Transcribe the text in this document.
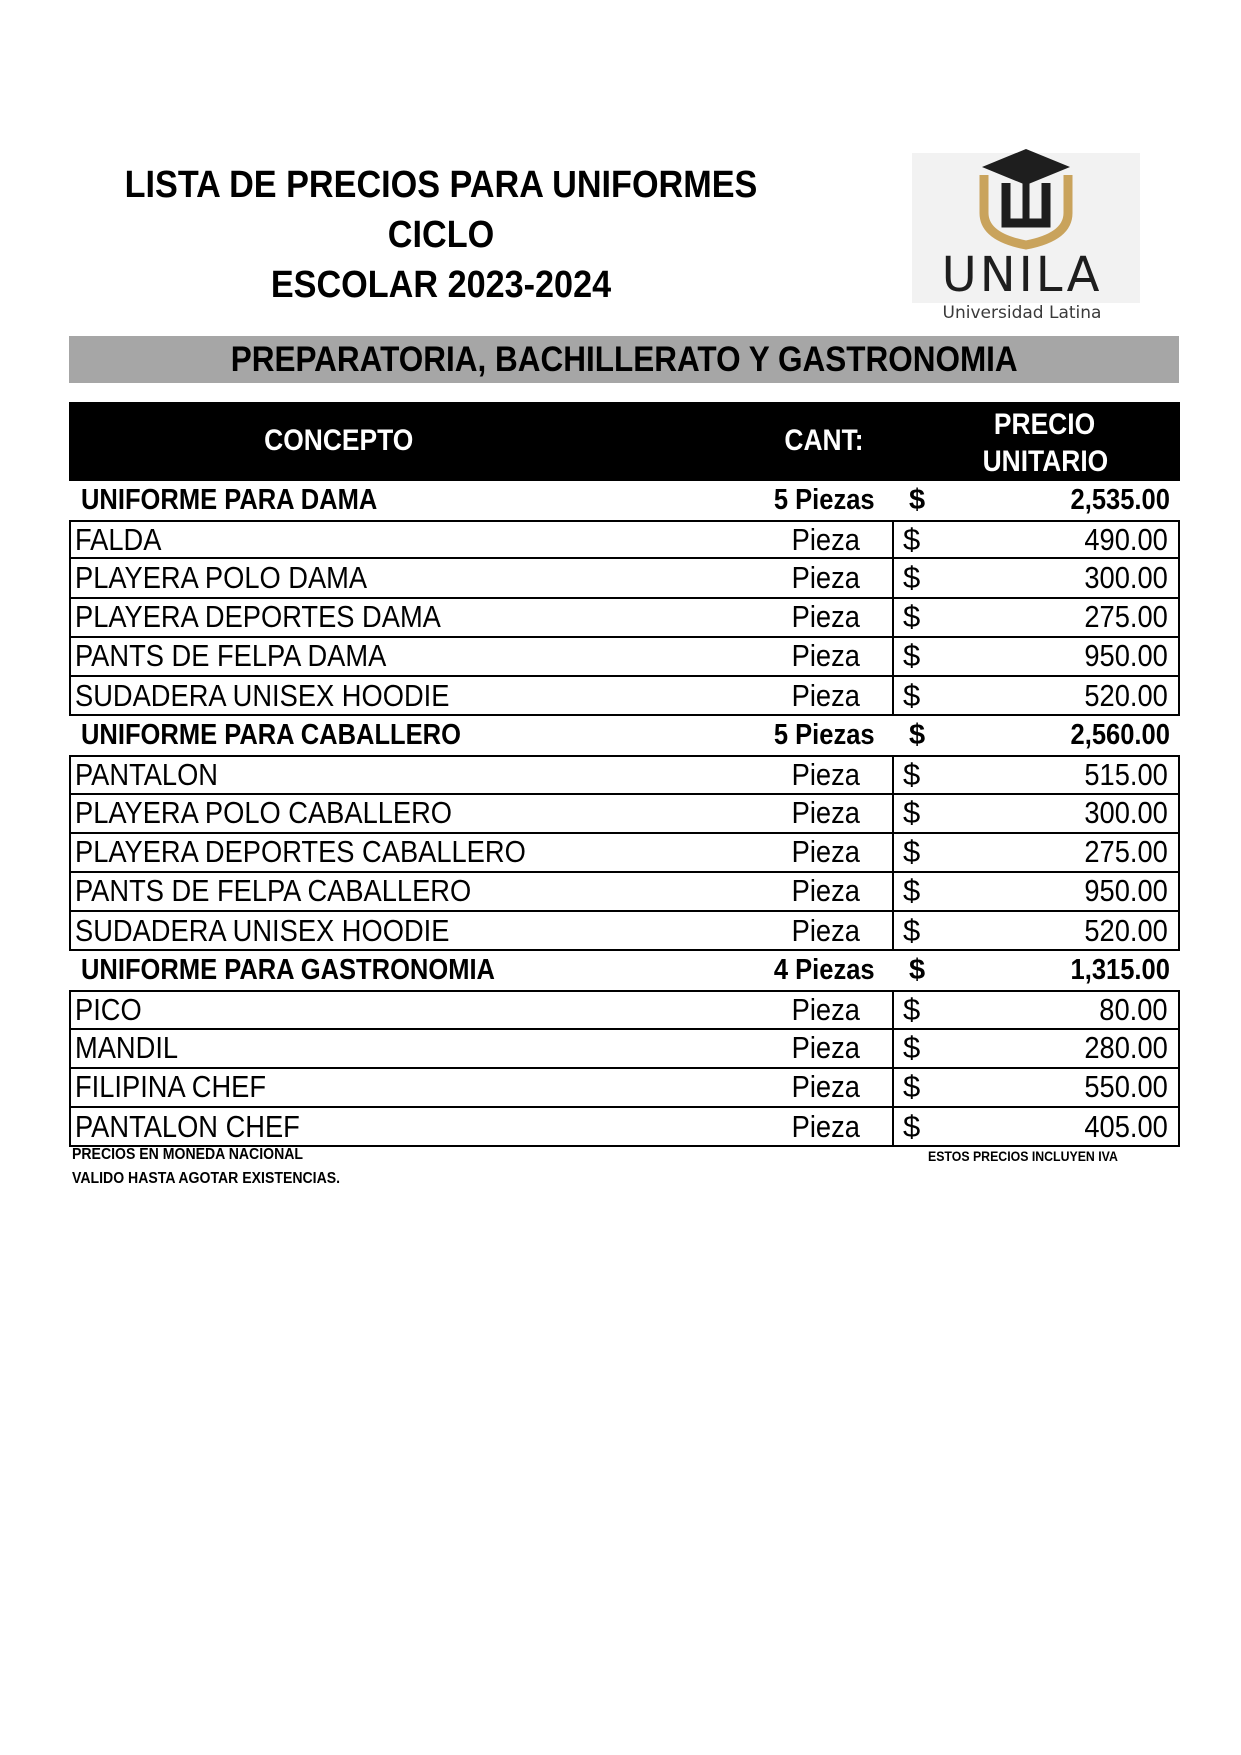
LISTA DE PRECIOS PARA UNIFORMES CICLO
ESCOLAR 2023-2024	UNILA
Universidad Latina
PREPARATORIA, BACHILLERATO Y GASTRONOMIA
CONCEPTO	CANT:	PRECIO
UNITARIO
UNIFORME PARA DAMA	5 Piezas $	2,535.00
FALDA	Pieza $	490.00
PLAYERA POLO DAMA	Pieza $	300.00
PLAYERA DEPORTES DAMA	Pieza $	275.00
PANTS DE FELPA DAMA	Pieza $	950.00
SUDADERA UNISEX HOODIE	Pieza $	520.00
UNIFORME PARA CABALLERO	5 Piezas $	2,560.00
PANTALON	Pieza $	515.00
PLAYERA POLO CABALLERO	Pieza $	300.00
PLAYERA DEPORTES CABALLERO	Pieza $	275.00
PANTS DE FELPA CABALLERO	Pieza $	950.00
SUDADERA UNISEX HOODIE	Pieza $	520.00
UNIFORME PARA GASTRONOMIA	4 Piezas $	1,315.00
PICO	Pieza $	80.00
MANDIL	Pieza $	280.00
FILIPINA CHEF	Pieza $	550.00
PANTALON CHEF	Pieza $	405.00
PRECIOS EN MONEDA NACIONAL
VALIDO HASTA AGOTAR EXISTENCIAS.
ESTOS PRECIOS INCLUYEN IVA
